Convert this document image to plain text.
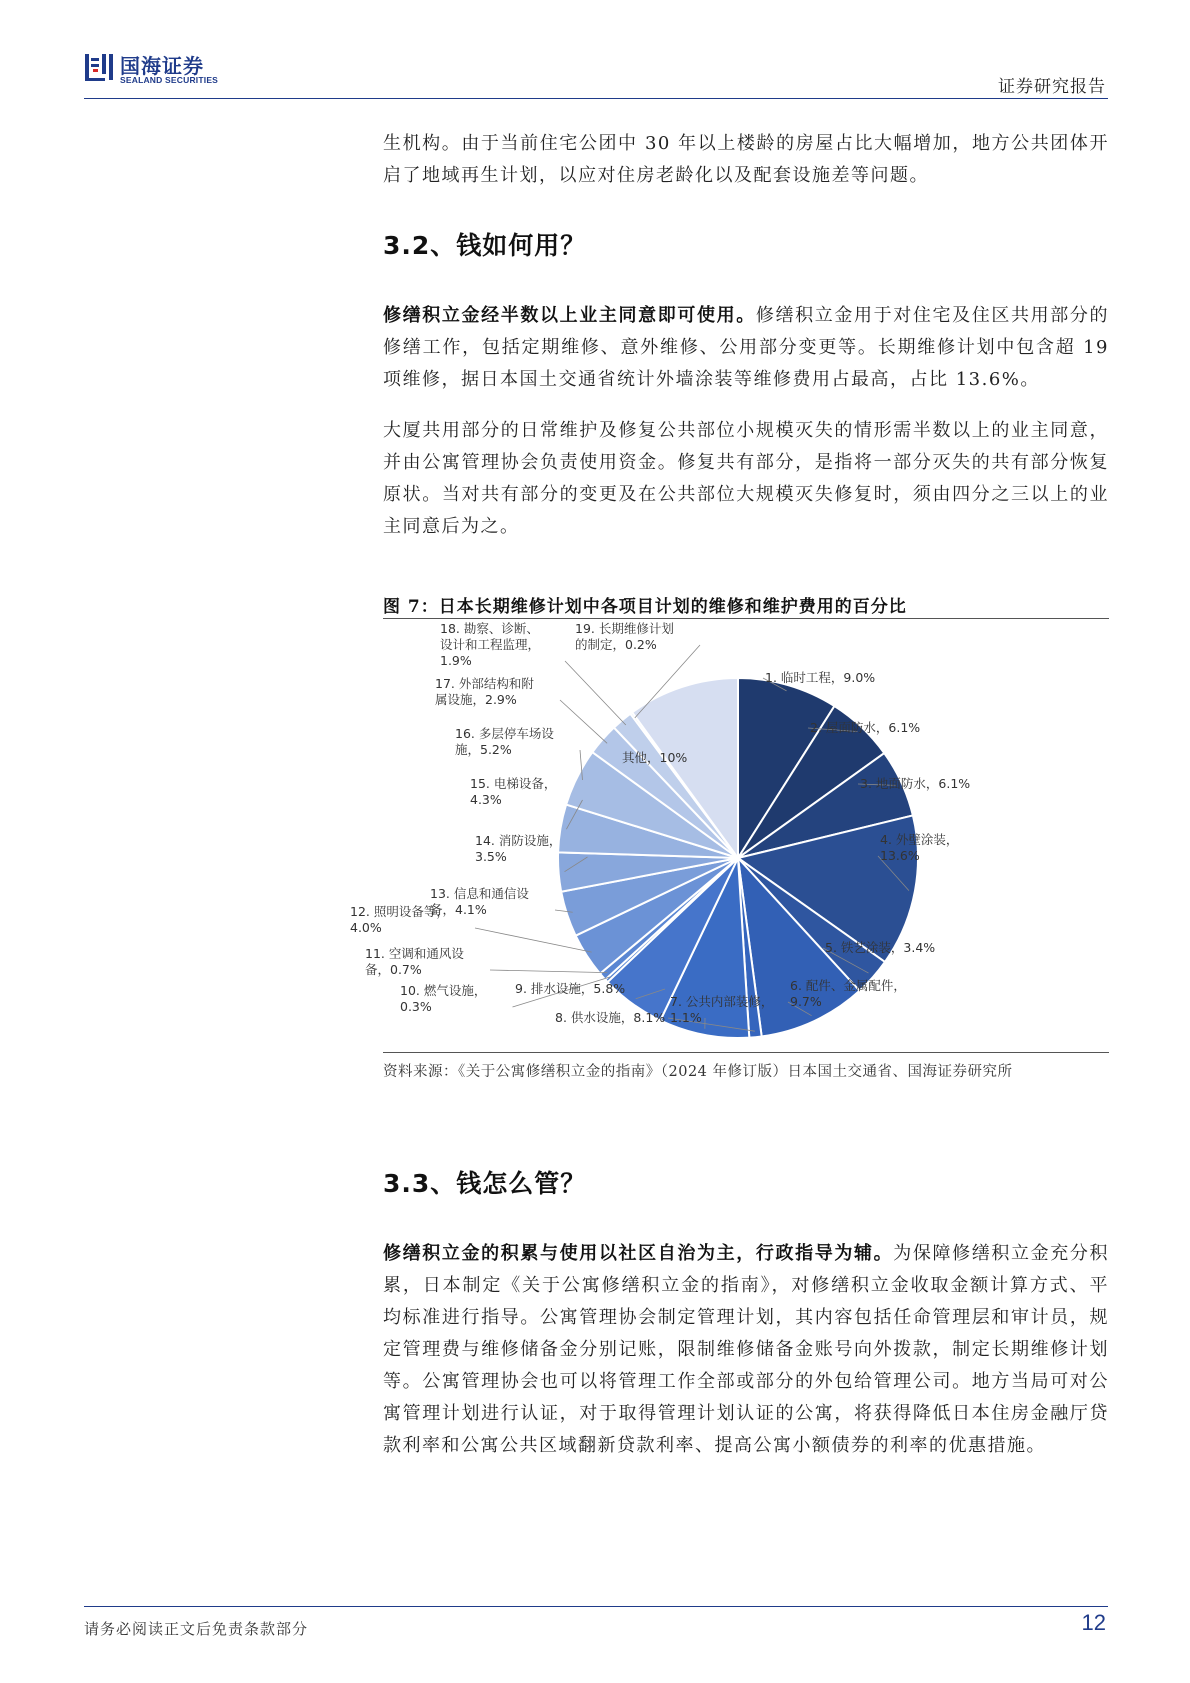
国海证券
SEALAND SECURITIES	证券研究报告

生机构。由于当前住宅公团中 30 年以上楼龄的房屋占比大幅增加，地方公共团体开启了地域再生计划，以应对住房老龄化以及配套设施差等问题。

3.2、钱如何用？

修缮积立金经半数以上业主同意即可使用。修缮积立金用于对住宅及住区共用部分的修缮工作，包括定期维修、意外维修、公用部分变更等。长期维修计划中包含超 19 项维修，据日本国土交通省统计外墙涂装等维修费用占最高，占比 13.6%。

大厦共用部分的日常维护及修复公共部位小规模灭失的情形需半数以上的业主同意，并由公寓管理协会负责使用资金。修复共有部分，是指将一部分灭失的共有部分恢复原状。当对共有部分的变更及在公共部位大规模灭失修复时，须由四分之三以上的业主同意后为之。

图 7：日本长期维修计划中各项目计划的维修和维护费用的百分比
1. 临时工程，9.0%
2. 屋面防水，6.1%
3. 地面防水，6.1%
4. 外壁涂装， 13.6%
5. 铁艺涂装，3.4%
6. 配件、金属配件， 9.7%
7. 公共内部装修， 1.1%
8. 供水设施，8.1%
9. 排水设施，5.8%
10. 燃气设施， 0.3%
11. 空调和通风设备，0.7%
12. 照明设备等， 4.0%
13. 信息和通信设备，4.1%
14. 消防设施， 3.5%
15. 电梯设备， 4.3%
16. 多层停车场设施，5.2%
17. 外部结构和附属设施，2.9%
18. 勘察、诊断、设计和工程监理， 1.9%
19. 长期维修计划的制定，0.2%
其他，10%
资料来源：《关于公寓修缮积立金的指南》（2024 年修订版）日本国土交通省、国海证券研究所
3.3、钱怎么管？

修缮积立金的积累与使用以社区自治为主，行政指导为辅。为保障修缮积立金充分积累，日本制定《关于公寓修缮积立金的指南》，对修缮积立金收取金额计算方式、平均标准进行指导。公寓管理协会制定管理计划，其内容包括任命管理层和审计员，规定管理费与维修储备金分别记账，限制维修储备金账号向外拨款，制定长期维修计划等。公寓管理协会也可以将管理工作全部或部分的外包给管理公司。地方当局可对公寓管理计划进行认证，对于取得管理计划认证的公寓，将获得降低日本住房金融厅贷款利率和公寓公共区域翻新贷款利率、提高公寓小额债券的利率的优惠措施。

请务必阅读正文后免责条款部分	12
